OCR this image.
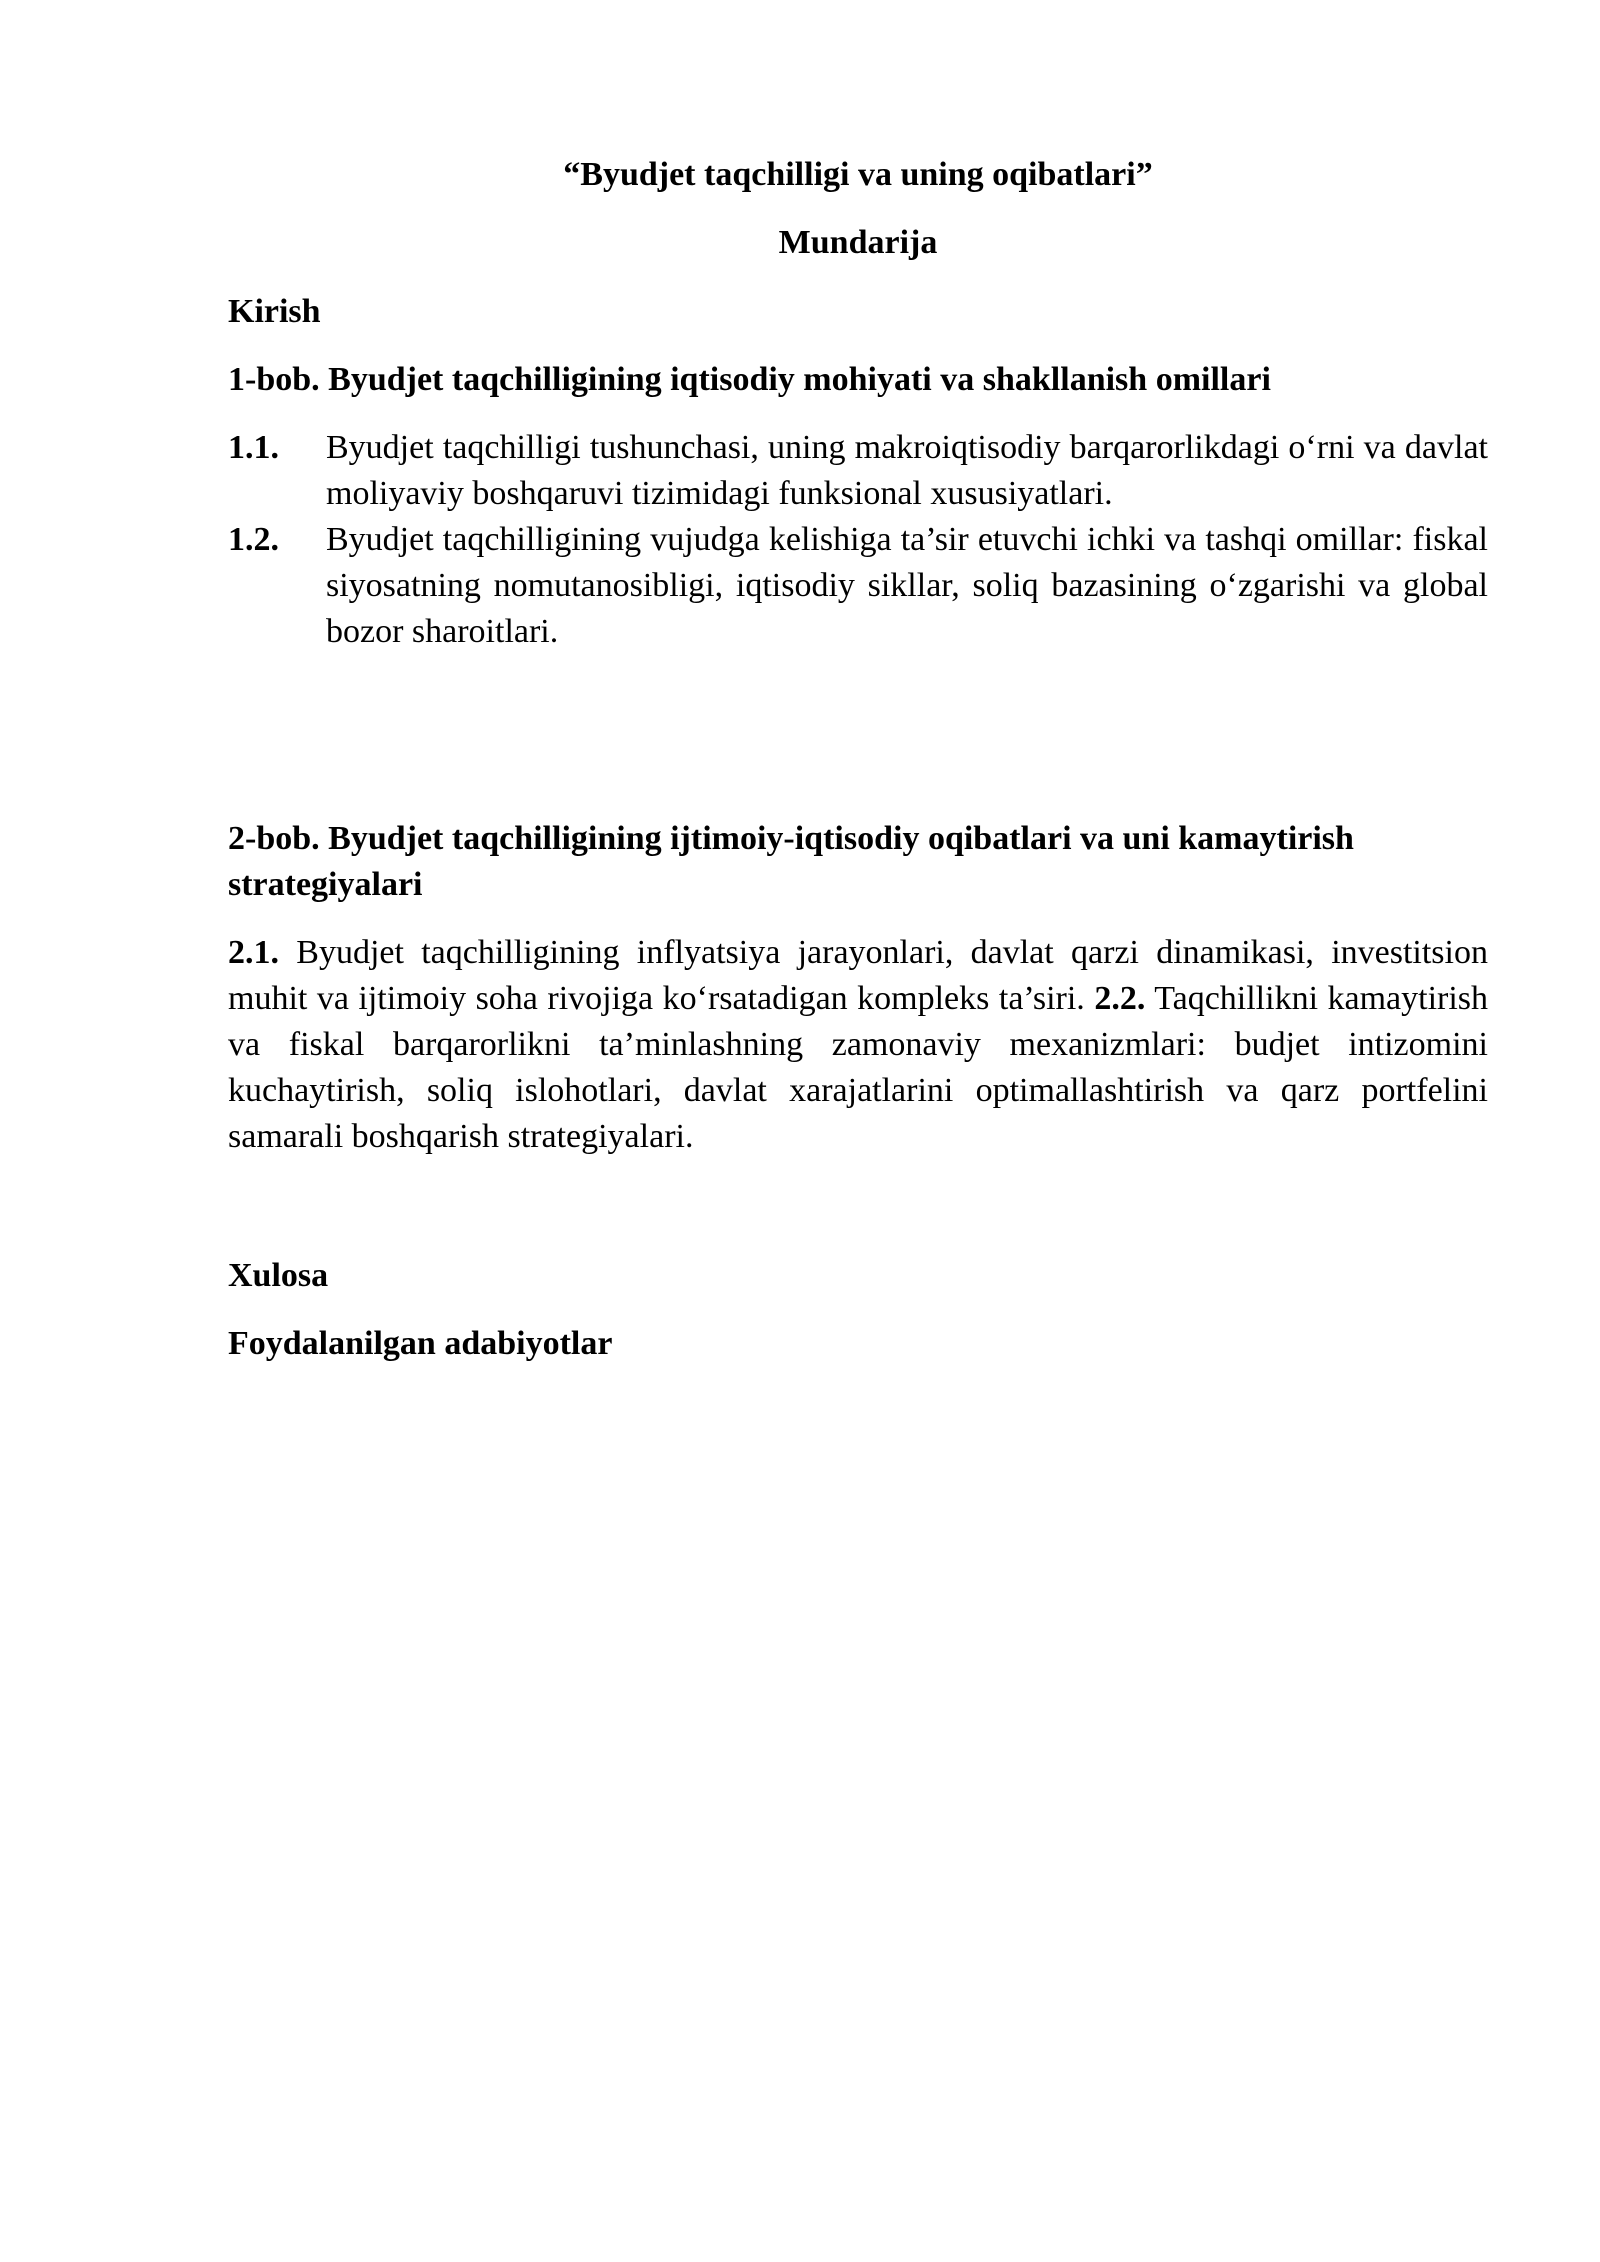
“Byudjet taqchilligi va uning oqibatlari”
Mundarija
Kirish
1-bob. Byudjet taqchilligining iqtisodiy mohiyati va shakllanish omillari
1.1. Byudjet taqchilligi tushunchasi, uning makroiqtisodiy barqarorlikdagi o‘rni va davlat moliyaviy boshqaruvi tizimidagi funksional xususiyatlari.
1.2. Byudjet taqchilligining vujudga kelishiga ta’sir etuvchi ichki va tashqi omillar: fiskal siyosatning nomutanosibligi, iqtisodiy sikllar, soliq bazasining o‘zgarishi va global bozor sharoitlari.
2-bob. Byudjet taqchilligining ijtimoiy-iqtisodiy oqibatlari va uni kamaytirish strategiyalari
2.1. Byudjet taqchilligining inflyatsiya jarayonlari, davlat qarzi dinamikasi, investitsion muhit va ijtimoiy soha rivojiga ko‘rsatadigan kompleks ta’siri. 2.2. Taqchillikni kamaytirish va fiskal barqarorlikni ta’minlashning zamonaviy mexanizmlari: budjet intizomini kuchaytirish, soliq islohotlari, davlat xarajatlarini optimallashtirish va qarz portfelini samarali boshqarish strategiyalari.
Xulosa
Foydalanilgan adabiyotlar
